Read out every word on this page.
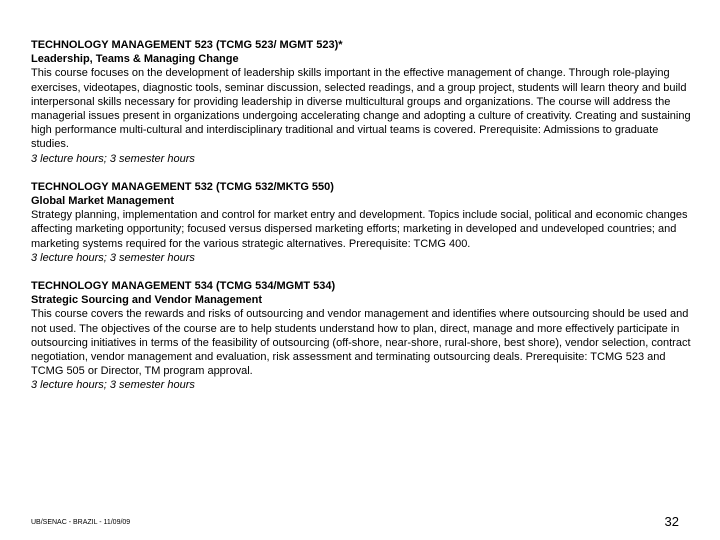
TECHNOLOGY MANAGEMENT 523 (TCMG 523/ MGMT 523)*
Leadership, Teams & Managing Change
This course focuses on the development of leadership skills important in the effective management of change. Through role-playing exercises, videotapes, diagnostic tools, seminar discussion, selected readings, and a group project, students will learn theory and build interpersonal skills necessary for providing leadership in diverse multicultural groups and organizations. The course will address the managerial issues present in organizations undergoing accelerating change and adopting a culture of creativity. Creating and sustaining high performance multi-cultural and interdisciplinary traditional and virtual teams is covered. Prerequisite: Admissions to graduate studies.
3 lecture hours; 3 semester hours
TECHNOLOGY MANAGEMENT 532 (TCMG 532/MKTG 550)
Global Market Management
Strategy planning, implementation and control for market entry and development. Topics include social, political and economic changes affecting marketing opportunity; focused versus dispersed marketing efforts; marketing in developed and undeveloped countries; and marketing systems required for the various strategic alternatives. Prerequisite: TCMG 400.
3 lecture hours; 3 semester hours
TECHNOLOGY MANAGEMENT 534 (TCMG 534/MGMT 534)
Strategic Sourcing and Vendor Management
This course covers the rewards and risks of outsourcing and vendor management and identifies where outsourcing should be used and not used. The objectives of the course are to help students understand how to plan, direct, manage and more effectively participate in outsourcing initiatives in terms of the feasibility of outsourcing (off-shore, near-shore, rural-shore, best shore), vendor selection, contract negotiation, vendor management and evaluation, risk assessment and terminating outsourcing deals. Prerequisite: TCMG 523 and TCMG 505 or Director, TM program approval.
3 lecture hours; 3 semester hours
UB/SENAC - BRAZIL - 11/09/09	32
